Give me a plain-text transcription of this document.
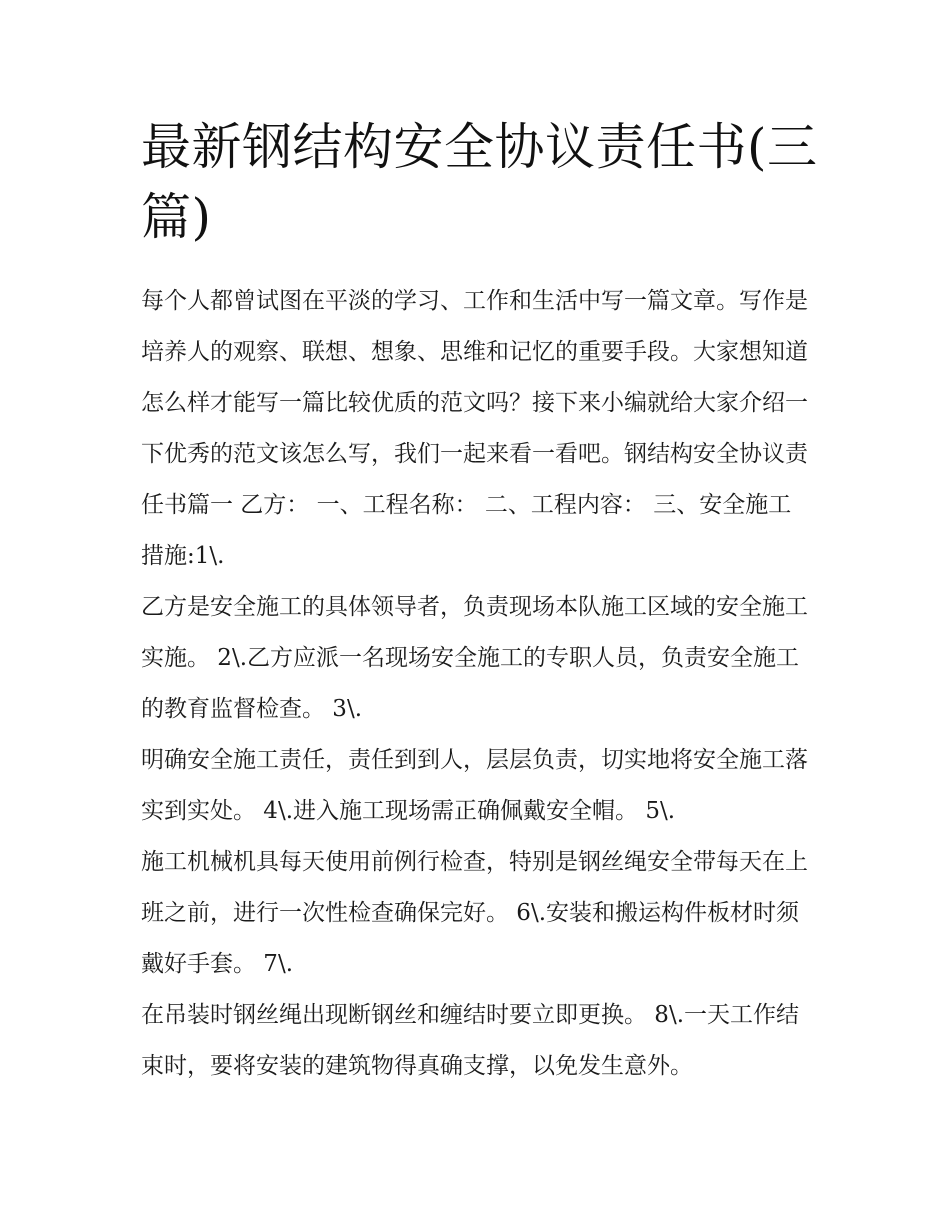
最新钢结构安全协议责任书(三篇)

每个人都曾试图在平淡的学习、工作和生活中写一篇文章。写作是培养人的观察、联想、想象、思维和记忆的重要手段。大家想知道怎么样才能写一篇比较优质的范文吗？接下来小编就给大家介绍一下优秀的范文该怎么写，我们一起来看一看吧。钢结构安全协议责任书篇一 乙方： 一、工程名称： 二、工程内容： 三、安全施工措施:1\.

乙方是安全施工的具体领导者，负责现场本队施工区域的安全施工实施。 2\.乙方应派一名现场安全施工的专职人员，负责安全施工的教育监督检查。 3\.

明确安全施工责任，责任到到人，层层负责，切实地将安全施工落实到实处。 4\.进入施工现场需正确佩戴安全帽。 5\.

施工机械机具每天使用前例行检查，特别是钢丝绳安全带每天在上班之前，进行一次性检查确保完好。 6\.安装和搬运构件板材时须戴好手套。 7\.

在吊装时钢丝绳出现断钢丝和缠结时要立即更换。 8\.一天工作结束时，要将安装的建筑物得真确支撑，以免发生意外。
